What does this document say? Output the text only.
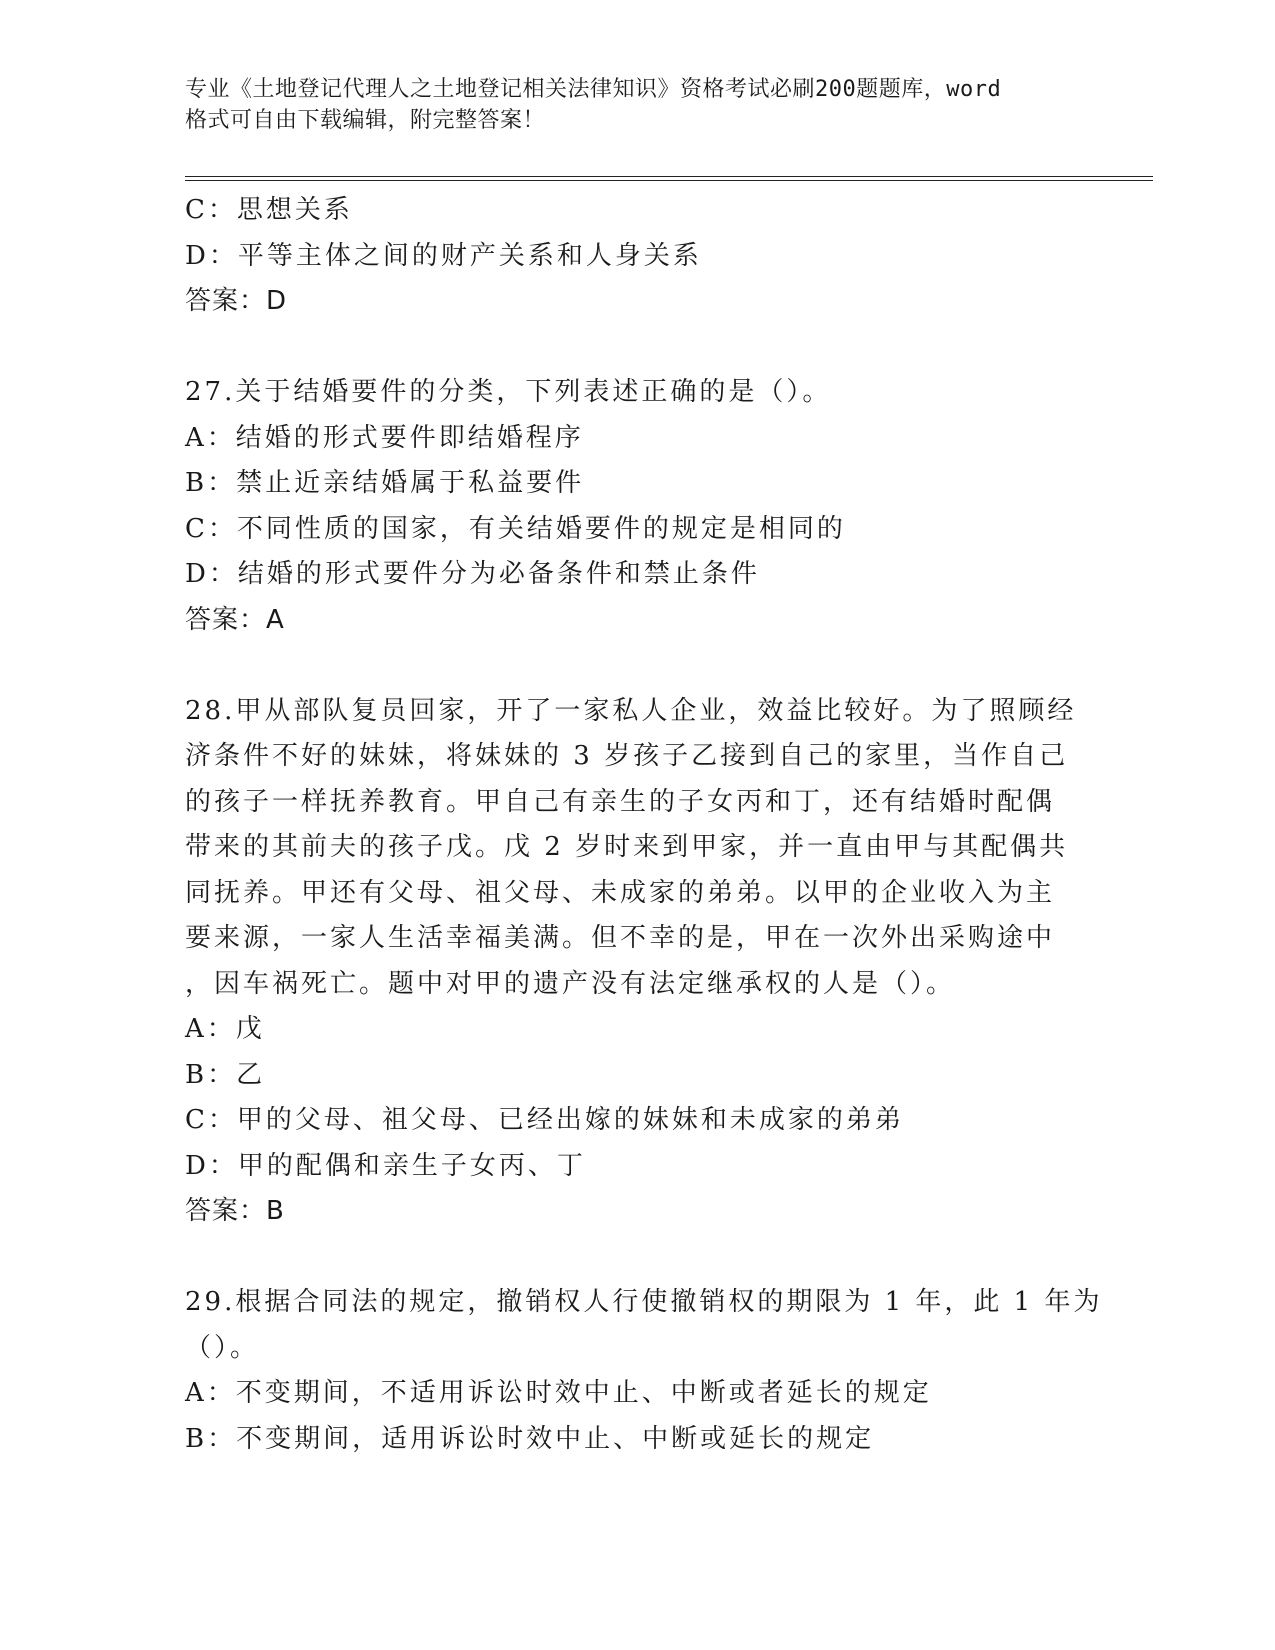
专业《土地登记代理人之土地登记相关法律知识》资格考试必刷200题题库，word
格式可自由下载编辑，附完整答案！
C：思想关系
D：平等主体之间的财产关系和人身关系
答案：D
27.关于结婚要件的分类，下列表述正确的是（）。
A：结婚的形式要件即结婚程序
B：禁止近亲结婚属于私益要件
C：不同性质的国家，有关结婚要件的规定是相同的
D：结婚的形式要件分为必备条件和禁止条件
答案：A
28.甲从部队复员回家，开了一家私人企业，效益比较好。为了照顾经
济条件不好的妹妹，将妹妹的 3 岁孩子乙接到自己的家里，当作自己
的孩子一样抚养教育。甲自己有亲生的子女丙和丁，还有结婚时配偶
带来的其前夫的孩子戊。戊 2 岁时来到甲家，并一直由甲与其配偶共
同抚养。甲还有父母、祖父母、未成家的弟弟。以甲的企业收入为主
要来源，一家人生活幸福美满。但不幸的是，甲在一次外出采购途中
，因车祸死亡。题中对甲的遗产没有法定继承权的人是（）。
A：戊
B：乙
C：甲的父母、祖父母、已经出嫁的妹妹和未成家的弟弟
D：甲的配偶和亲生子女丙、丁
答案：B
29.根据合同法的规定，撤销权人行使撤销权的期限为 1 年，此 1 年为
（）。
A：不变期间，不适用诉讼时效中止、中断或者延长的规定
B：不变期间，适用诉讼时效中止、中断或延长的规定
